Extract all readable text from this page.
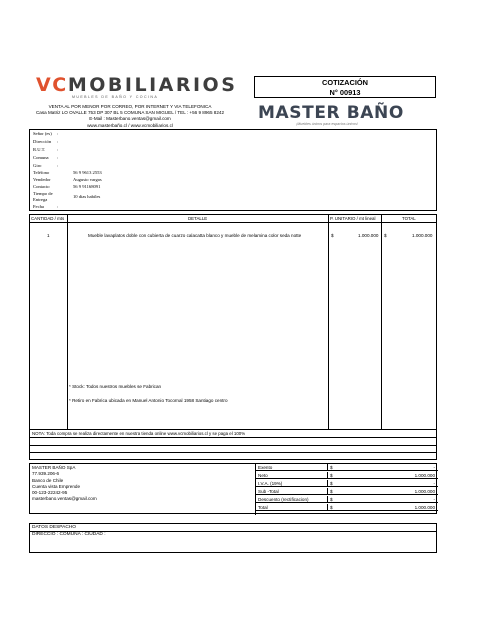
VCMOBILIARIOS
MUEBLES DE BAÑO Y COCINA
VENTA AL POR MENOR POR CORREO, POR INTERNET Y VIA TELEFONICA
Casa Matriz LO OVALLE 753 DP 307 BL 5 COMUNA SAN MIGUEL / TEL : +56 9 8965 8242
E-Mail : Masterbano.ventas@gmail.com
www.masterbaño.cl / www.vcmobiliarios.cl
COTIZACIÓN
N° 00913
MASTER BAÑO
¡Muebles únicos para espacios únicos!
Señor (es) :
Dirección :
R.U.T.	:
Comuna :
Giro	:
Teléfono	56 9 9613 2553
Vendedor	Augusto vargas
Contacto	56 9 91168091
Tiempo de
Entrega
10 dias habiles
Fecha	:
CANTIDAD / mts	DETALLE	P. UNITARIO / mt lineal	TOTAL
1	Mueble lavaplatos doble con cubierta de cuarzo calacatta blanco y mueble de melamina color seda notte	$	1.000.000 $	1.000.000
* Stock: Todos nuestros muebles se Fabrican
* Retiro en Fabrica ubicada en Manuel Antonio Tocornal 1958 Santiago centro
NOTA: Toda compra se realiza directamente en nuestra tienda online www.vcmobiliarios.cl y se paga el 100%
MASTER BAÑO SpA
77.939.206-6
Banco de Chile
Cuenta vista Emprende
00-123-22242-95
masterbano.ventas@gmail.com
Exento	$	-
Neto	$	1.000.000
I.V.A. (19%)	$	-
Sub -Total	$	1.000.000
Descuento (rectificacion)	$	-
Total	$	1.000.000
DATOS DESPACHO
DIRECCIO : COMUNA : CIUDAD :
